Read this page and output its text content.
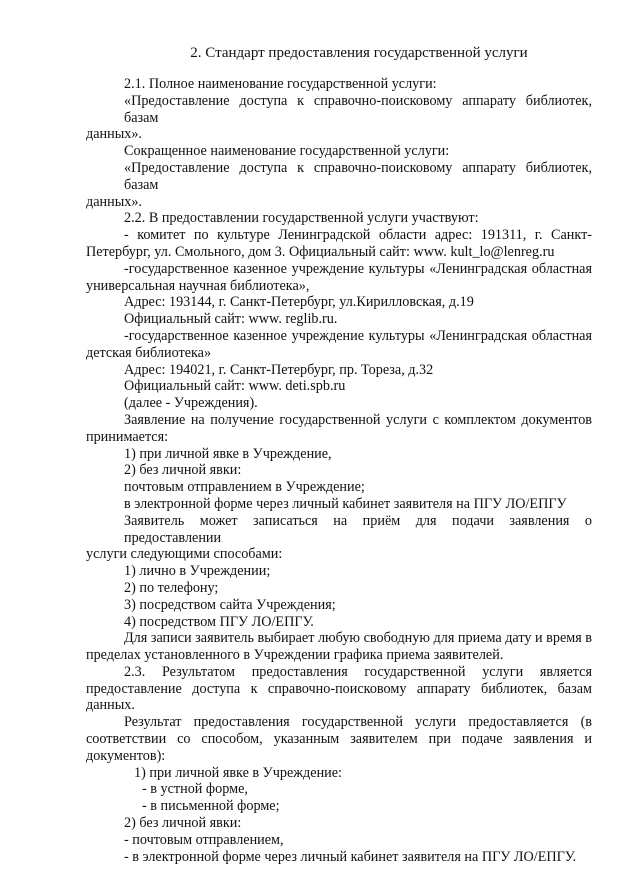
2. Стандарт предоставления государственной услуги
2.1. Полное наименование государственной услуги:
«Предоставление доступа к справочно-поисковому аппарату библиотек, базам
данных».
Сокращенное наименование государственной услуги:
«Предоставление доступа к справочно-поисковому аппарату библиотек, базам
данных».
2.2. В предоставлении государственной услуги участвуют:
- комитет по культуре Ленинградской области адрес: 191311, г. Санкт-
Петербург, ул. Смольного, дом 3. Официальный сайт: www. kult_lo@lenreg.ru
-государственное казенное учреждение культуры «Ленинградская областная
универсальная научная библиотека»,
Адрес: 193144, г. Санкт-Петербург, ул.Кирилловская, д.19
Официальный сайт: www. reglib.ru.
-государственное казенное учреждение культуры «Ленинградская областная
детская библиотека»
Адрес: 194021, г. Санкт-Петербург, пр. Тореза, д.32
Официальный сайт: www. deti.spb.ru
(далее - Учреждения).
Заявление на получение государственной услуги с комплектом документов
принимается:
1) при личной явке в Учреждение,
2) без личной явки:
почтовым отправлением в Учреждение;
в электронной форме через личный кабинет заявителя на ПГУ ЛО/ЕПГУ
Заявитель может записаться на приём для подачи заявления о предоставлении
услуги следующими способами:
1) лично в Учреждении;
2) по телефону;
3) посредством сайта Учреждения;
4) посредством ПГУ ЛО/ЕПГУ.
Для записи заявитель выбирает любую свободную для приема дату и время в
пределах установленного в Учреждении графика приема заявителей.
2.3. Результатом предоставления государственной услуги является
предоставление доступа к справочно-поисковому аппарату библиотек, базам
данных.
Результат предоставления государственной услуги предоставляется (в
соответствии со способом, указанным заявителем при подаче заявления и
документов):
1) при личной явке в Учреждение:
- в устной форме,
- в письменной форме;
2) без личной явки:
- почтовым отправлением,
- в электронной форме через личный кабинет заявителя на ПГУ ЛО/ЕПГУ.
